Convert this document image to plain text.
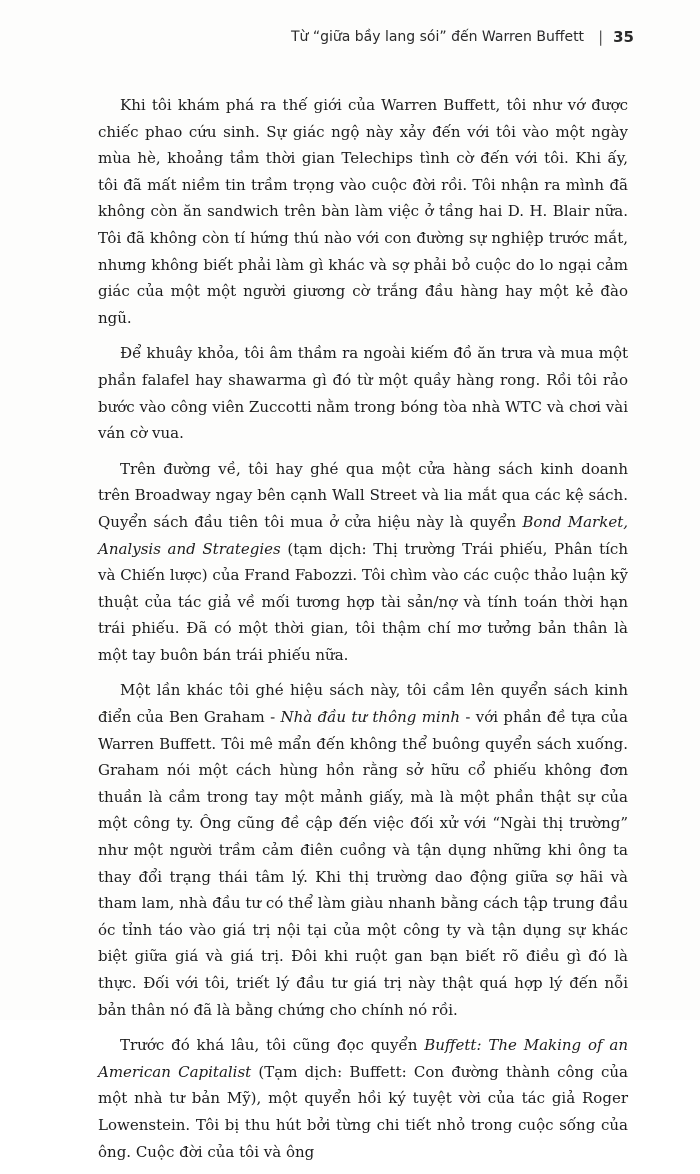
Từ “giữa bầy lang sói” đến Warren Buffett | 35

Khi tôi khám phá ra thế giới của Warren Buffett, tôi như vớ được chiếc phao cứu sinh. Sự giác ngộ này xảy đến với tôi vào một ngày mùa hè, khoảng tầm thời gian Telechips tình cờ đến với tôi. Khi ấy, tôi đã mất niềm tin trầm trọng vào cuộc đời rồi. Tôi nhận ra mình đã không còn ăn sandwich trên bàn làm việc ở tầng hai D. H. Blair nữa. Tôi đã không còn tí hứng thú nào với con đường sự nghiệp trước mắt, nhưng không biết phải làm gì khác và sợ phải bỏ cuộc do lo ngại cảm giác của một một người giương cờ trắng đầu hàng hay một kẻ đào ngũ.

Để khuây khỏa, tôi âm thầm ra ngoài kiếm đồ ăn trưa và mua một phần falafel hay shawarma gì đó từ một quầy hàng rong. Rồi tôi rảo bước vào công viên Zuccotti nằm trong bóng tòa nhà WTC và chơi vài ván cờ vua.

Trên đường về, tôi hay ghé qua một cửa hàng sách kinh doanh trên Broadway ngay bên cạnh Wall Street và lia mắt qua các kệ sách. Quyển sách đầu tiên tôi mua ở cửa hiệu này là quyển Bond Market, Analysis and Strategies (tạm dịch: Thị trường Trái phiếu, Phân tích và Chiến lược) của Frand Fabozzi. Tôi chìm vào các cuộc thảo luận kỹ thuật của tác giả về mối tương hợp tài sản/nợ và tính toán thời hạn trái phiếu. Đã có một thời gian, tôi thậm chí mơ tưởng bản thân là một tay buôn bán trái phiếu nữa.

Một lần khác tôi ghé hiệu sách này, tôi cầm lên quyển sách kinh điển của Ben Graham - Nhà đầu tư thông minh - với phần đề tựa của Warren Buffett. Tôi mê mẩn đến không thể buông quyển sách xuống. Graham nói một cách hùng hồn rằng sở hữu cổ phiếu không đơn thuần là cầm trong tay một mảnh giấy, mà là một phần thật sự của một công ty. Ông cũng đề cập đến việc đối xử với “Ngài thị trường” như một người trầm cảm điên cuồng và tận dụng những khi ông ta thay đổi trạng thái tâm lý. Khi thị trường dao động giữa sợ hãi và tham lam, nhà đầu tư có thể làm giàu nhanh bằng cách tập trung đầu óc tỉnh táo vào giá trị nội tại của một công ty và tận dụng sự khác biệt giữa giá và giá trị. Đôi khi ruột gan bạn biết rõ điều gì đó là thực. Đối với tôi, triết lý đầu tư giá trị này thật quá hợp lý đến nỗi bản thân nó đã là bằng chứng cho chính nó rồi.

Trước đó khá lâu, tôi cũng đọc quyển Buffett: The Making of an American Capitalist (Tạm dịch: Buffett: Con đường thành công của một nhà tư bản Mỹ), một quyển hồi ký tuyệt vời của tác giả Roger Lowenstein. Tôi bị thu hút bởi từng chi tiết nhỏ trong cuộc sống của ông. Cuộc đời của tôi và ông
